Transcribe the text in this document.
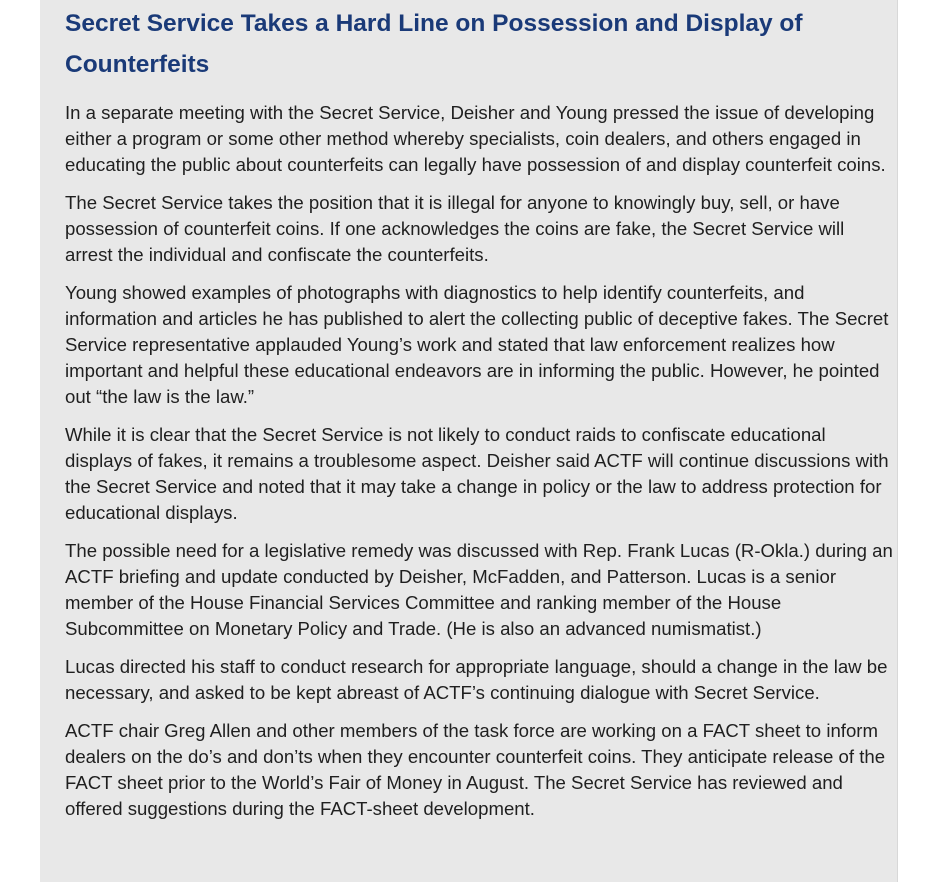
Secret Service Takes a Hard Line on Possession and Display of Counterfeits

In a separate meeting with the Secret Service, Deisher and Young pressed the issue of developing either a program or some other method whereby specialists, coin dealers, and others engaged in educating the public about counterfeits can legally have possession of and display counterfeit coins.

The Secret Service takes the position that it is illegal for anyone to knowingly buy, sell, or have possession of counterfeit coins. If one acknowledges the coins are fake, the Secret Service will arrest the individual and confiscate the counterfeits.

Young showed examples of photographs with diagnostics to help identify counterfeits, and information and articles he has published to alert the collecting public of deceptive fakes. The Secret Service representative applauded Young’s work and stated that law enforcement realizes how important and helpful these educational endeavors are in informing the public. However, he pointed out “the law is the law.”

While it is clear that the Secret Service is not likely to conduct raids to confiscate educational displays of fakes, it remains a troublesome aspect. Deisher said ACTF will continue discussions with the Secret Service and noted that it may take a change in policy or the law to address protection for educational displays.

The possible need for a legislative remedy was discussed with Rep. Frank Lucas (R-Okla.) during an ACTF briefing and update conducted by Deisher, McFadden, and Patterson. Lucas is a senior member of the House Financial Services Committee and ranking member of the House Subcommittee on Monetary Policy and Trade. (He is also an advanced numismatist.)

Lucas directed his staff to conduct research for appropriate language, should a change in the law be necessary, and asked to be kept abreast of ACTF’s continuing dialogue with Secret Service.

ACTF chair Greg Allen and other members of the task force are working on a FACT sheet to inform dealers on the do’s and don’ts when they encounter counterfeit coins. They anticipate release of the FACT sheet prior to the World’s Fair of Money in August. The Secret Service has reviewed and offered suggestions during the FACT-sheet development.
